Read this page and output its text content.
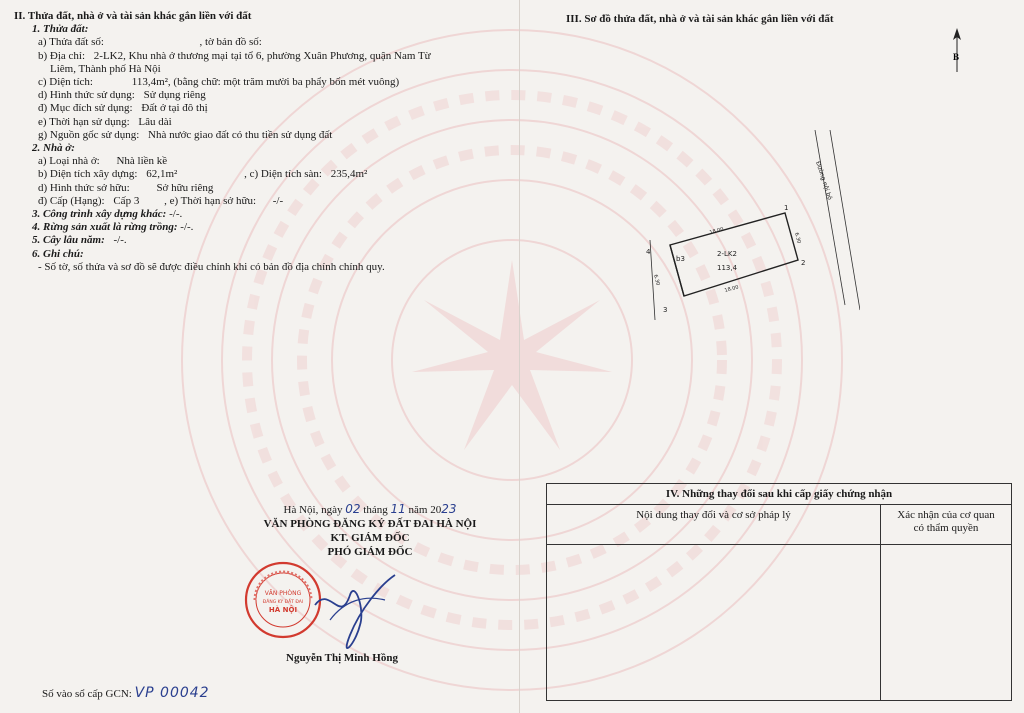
II. Thửa đất, nhà ở và tài sản khác gắn liền với đất
1. Thửa đất:
a) Thửa đất số:	, tờ bản đồ số:
b) Địa chỉ: 2-LK2, Khu nhà ở thương mại tại tổ 6, phường Xuân Phương, quận Nam Từ
Liêm, Thành phố Hà Nội
c) Diện tích:	113,4m², (bằng chữ: một trăm mười ba phẩy bốn mét vuông)
d) Hình thức sử dụng: Sử dụng riêng
đ) Mục đích sử dụng: Đất ở tại đô thị
e) Thời hạn sử dụng: Lâu dài
g) Nguồn gốc sử dụng: Nhà nước giao đất có thu tiền sử dụng đất
2. Nhà ở:
a) Loại nhà ở: Nhà liền kề
b) Diện tích xây dựng: 62,1m²	, c) Diện tích sàn: 235,4m²
d) Hình thức sở hữu: Sở hữu riêng
đ) Cấp (Hạng): Cấp 3 , e) Thời hạn sở hữu: -/-
3. Công trình xây dựng khác: -/-.
4. Rừng sản xuất là rừng trồng: -/-.
5. Cây lâu năm: -/-.
6. Ghi chú:
- Số tờ, số thửa và sơ đồ sẽ được điều chỉnh khi có bản đồ địa chính chính quy.
III. Sơ đồ thửa đất, nhà ở và tài sản khác gắn liền với đất
B
1
2
3
4
b3
2-LK2
113,4
18.00
18.00
6.30
6.30
Đường nội bộ
Hà Nội, ngày 02 tháng 11 năm 2023
VĂN PHÒNG ĐĂNG KÝ ĐẤT ĐAI HÀ NỘI
KT. GIÁM ĐỐC
PHÓ GIÁM ĐỐC
VĂN PHÒNG
ĐĂNG KÝ ĐẤT ĐAI
HÀ NỘI
Nguyễn Thị Minh Hồng
Số vào sổ cấp GCN: VP 00042
IV. Những thay đổi sau khi cấp giấy chứng nhận	
Nội dung thay đổi và cơ sở pháp lý	Xác nhận của cơ quan
có thẩm quyền
